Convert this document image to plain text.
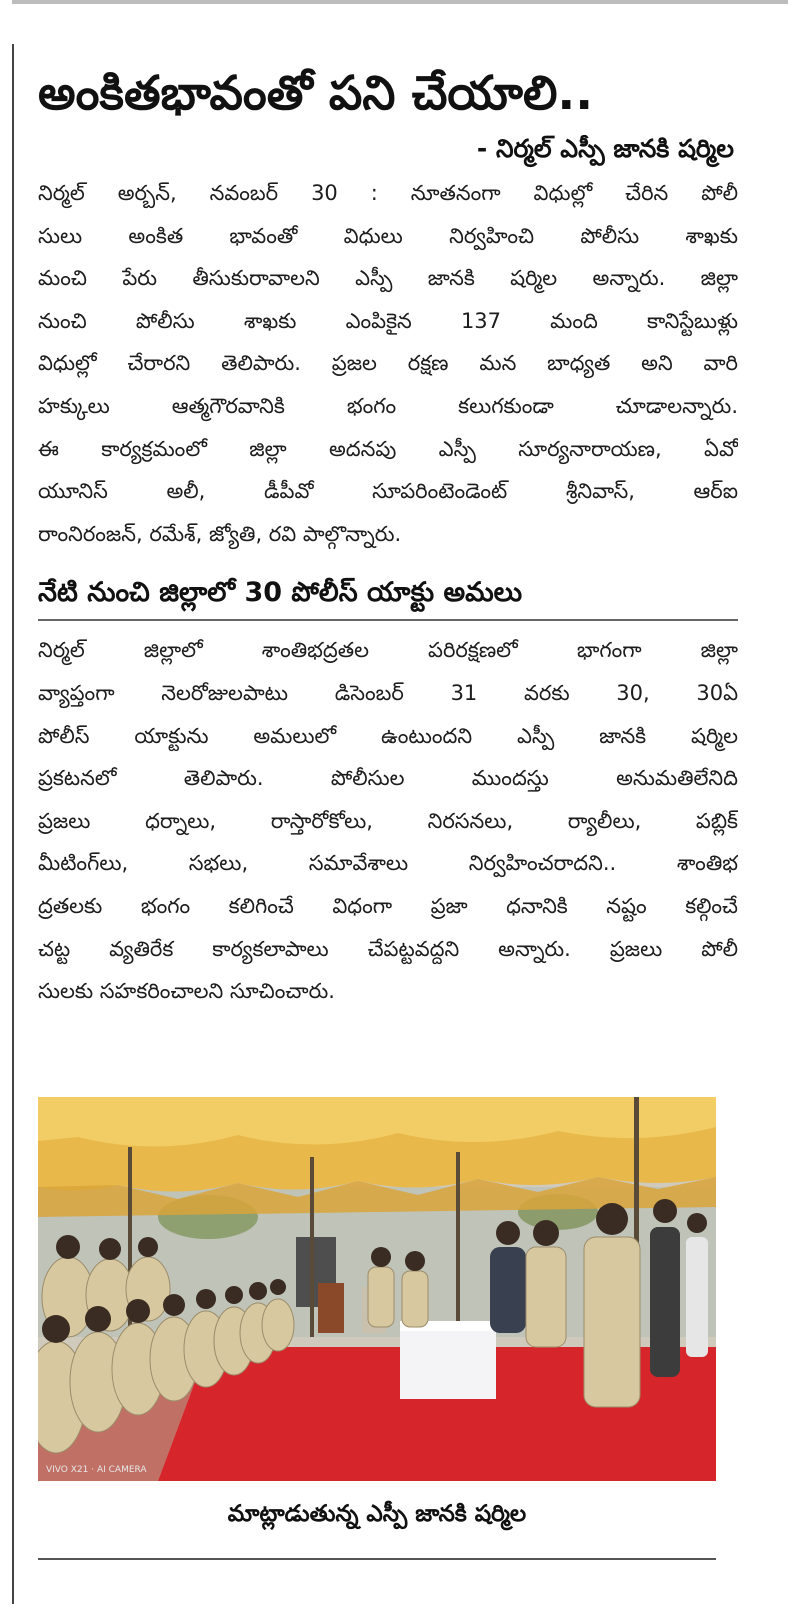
అంకితభావంతో పని చేయాలి..
- నిర్మల్ ఎస్పీ జానకి షర్మిల
నిర్మల్ అర్బన్, నవంబర్ 30 : నూతనంగా విధుల్లో చేరిన పోలీ
సులు అంకిత భావంతో విధులు నిర్వహించి పోలీసు శాఖకు
మంచి పేరు తీసుకురావాలని ఎస్పీ జానకి షర్మిల అన్నారు. జిల్లా
నుంచి పోలీసు శాఖకు ఎంపికైన 137 మంది కానిస్టేబుళ్లు
విధుల్లో చేరారని తెలిపారు. ప్రజల రక్షణ మన బాధ్యత అని వారి
హక్కులు ఆత్మగౌరవానికి భంగం కలుగకుండా చూడాలన్నారు.
ఈ కార్యక్రమంలో జిల్లా అదనపు ఎస్పీ సూర్యనారాయణ, ఏవో
యూనిస్ అలీ, డీపీవో సూపరింటెండెంట్ శ్రీనివాస్, ఆర్ఐ
రాంనిరంజన్, రమేశ్, జ్యోతి, రవి పాల్గొన్నారు.
నేటి నుంచి జిల్లాలో 30 పోలీస్ యాక్టు అమలు
నిర్మల్ జిల్లాలో శాంతిభద్రతల పరిరక్షణలో భాగంగా జిల్లా
వ్యాప్తంగా నెలరోజులపాటు డిసెంబర్ 31 వరకు 30, 30ఏ
పోలీస్ యాక్టును అమలులో ఉంటుందని ఎస్పీ జానకి షర్మిల
ప్రకటనలో తెలిపారు. పోలీసుల ముందస్తు అనుమతిలేనిది
ప్రజలు ధర్నాలు, రాస్తారోకోలు, నిరసనలు, ర్యాలీలు, పబ్లిక్
మీటింగ్‌లు, సభలు, సమావేశాలు నిర్వహించరాదని.. శాంతిభ
ద్రతలకు భంగం కలిగించే విధంగా ప్రజా ధనానికి నష్టం కల్గించే
చట్ట వ్యతిరేక కార్యకలాపాలు చేపట్టవద్దని అన్నారు. ప్రజలు పోలీ
సులకు సహకరించాలని సూచించారు.
VIVO X21 · AI CAMERA
మాట్లాడుతున్న ఎస్పీ జానకి షర్మిల
